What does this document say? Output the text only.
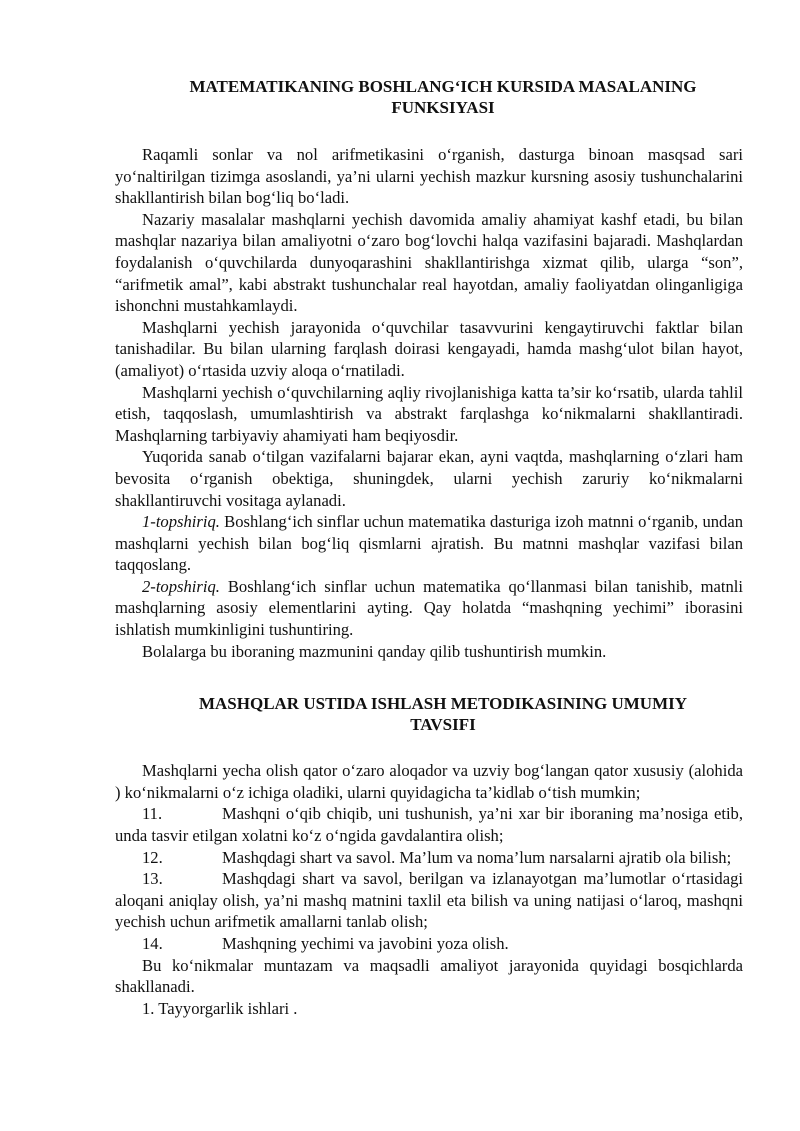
MATEMATIKANING BOSHLANG‘ICH KURSIDA MASALANING
FUNKSIYASI

Raqamli sonlar va nol arifmetikasini o‘rganish, dasturga binoan masqsad sari yo‘naltirilgan tizimga asoslandi, ya’ni ularni yechish mazkur kursning asosiy tushunchalarini shakllantirish bilan bog‘liq bo‘ladi.

Nazariy masalalar mashqlarni yechish davomida amaliy ahamiyat kashf etadi, bu bilan mashqlar nazariya bilan amaliyotni o‘zaro bog‘lovchi halqa vazifasini bajaradi. Mashqlardan foydalanish o‘quvchilarda dunyoqarashini shakllantirishga xizmat qilib, ularga “son”, “arifmetik amal”, kabi abstrakt tushunchalar real hayotdan, amaliy faoliyatdan olinganligiga ishonchni mustahkamlaydi.

Mashqlarni yechish jarayonida o‘quvchilar tasavvurini kengaytiruvchi faktlar bilan tanishadilar. Bu bilan ularning farqlash doirasi kengayadi, hamda mashg‘ulot bilan hayot, (amaliyot) o‘rtasida uzviy aloqa o‘rnatiladi.

Mashqlarni yechish o‘quvchilarning aqliy rivojlanishiga katta ta’sir ko‘rsatib, ularda tahlil etish, taqqoslash, umumlashtirish va abstrakt farqlashga ko‘nikmalarni shakllantiradi. Mashqlarning tarbiyaviy ahamiyati ham beqiyosdir.

Yuqorida sanab o‘tilgan vazifalarni bajarar ekan, ayni vaqtda, mashqlarning o‘zlari ham bevosita o‘rganish obektiga, shuningdek, ularni yechish zaruriy ko‘nikmalarni shakllantiruvchi vositaga aylanadi.

1-topshiriq. Boshlang‘ich sinflar uchun matematika dasturiga izoh matnni o‘rganib, undan mashqlarni yechish bilan bog‘liq qismlarni ajratish. Bu matnni mashqlar vazifasi bilan taqqoslang.

2-topshiriq. Boshlang‘ich sinflar uchun matematika qo‘llanmasi bilan tanishib, matnli mashqlarning asosiy elementlarini ayting. Qay holatda “mashqning yechimi” iborasini ishlatish mumkinligini tushuntiring.

Bolalarga bu iboraning mazmunini qanday qilib tushuntirish mumkin.

MASHQLAR USTIDA ISHLASH METODIKASINING UMUMIY
TAVSIFI

Mashqlarni yecha olish qator o‘zaro aloqador va uzviy bog‘langan qator xususiy (alohida ) ko‘nikmalarni o‘z ichiga oladiki, ularni quyidagicha ta’kidlab o‘tish mumkin;

11.	Mashqni o‘qib chiqib, uni tushunish, ya’ni xar bir iboraning ma’nosiga etib, unda tasvir etilgan xolatni ko‘z o‘ngida gavdalantira olish;

12.	Mashqdagi shart va savol. Ma’lum va noma’lum narsalarni ajratib ola bilish;

13.	Mashqdagi shart va savol, berilgan va izlanayotgan ma’lumotlar o‘rtasidagi aloqani aniqlay olish, ya’ni mashq matnini taxlil eta bilish va uning natijasi o‘laroq, mashqni yechish uchun arifmetik amallarni tanlab olish;

14.	Mashqning yechimi va javobini yoza olish.

Bu ko‘nikmalar muntazam va maqsadli amaliyot jarayonida quyidagi bosqichlarda shakllanadi.

1. Tayyorgarlik ishlari .
